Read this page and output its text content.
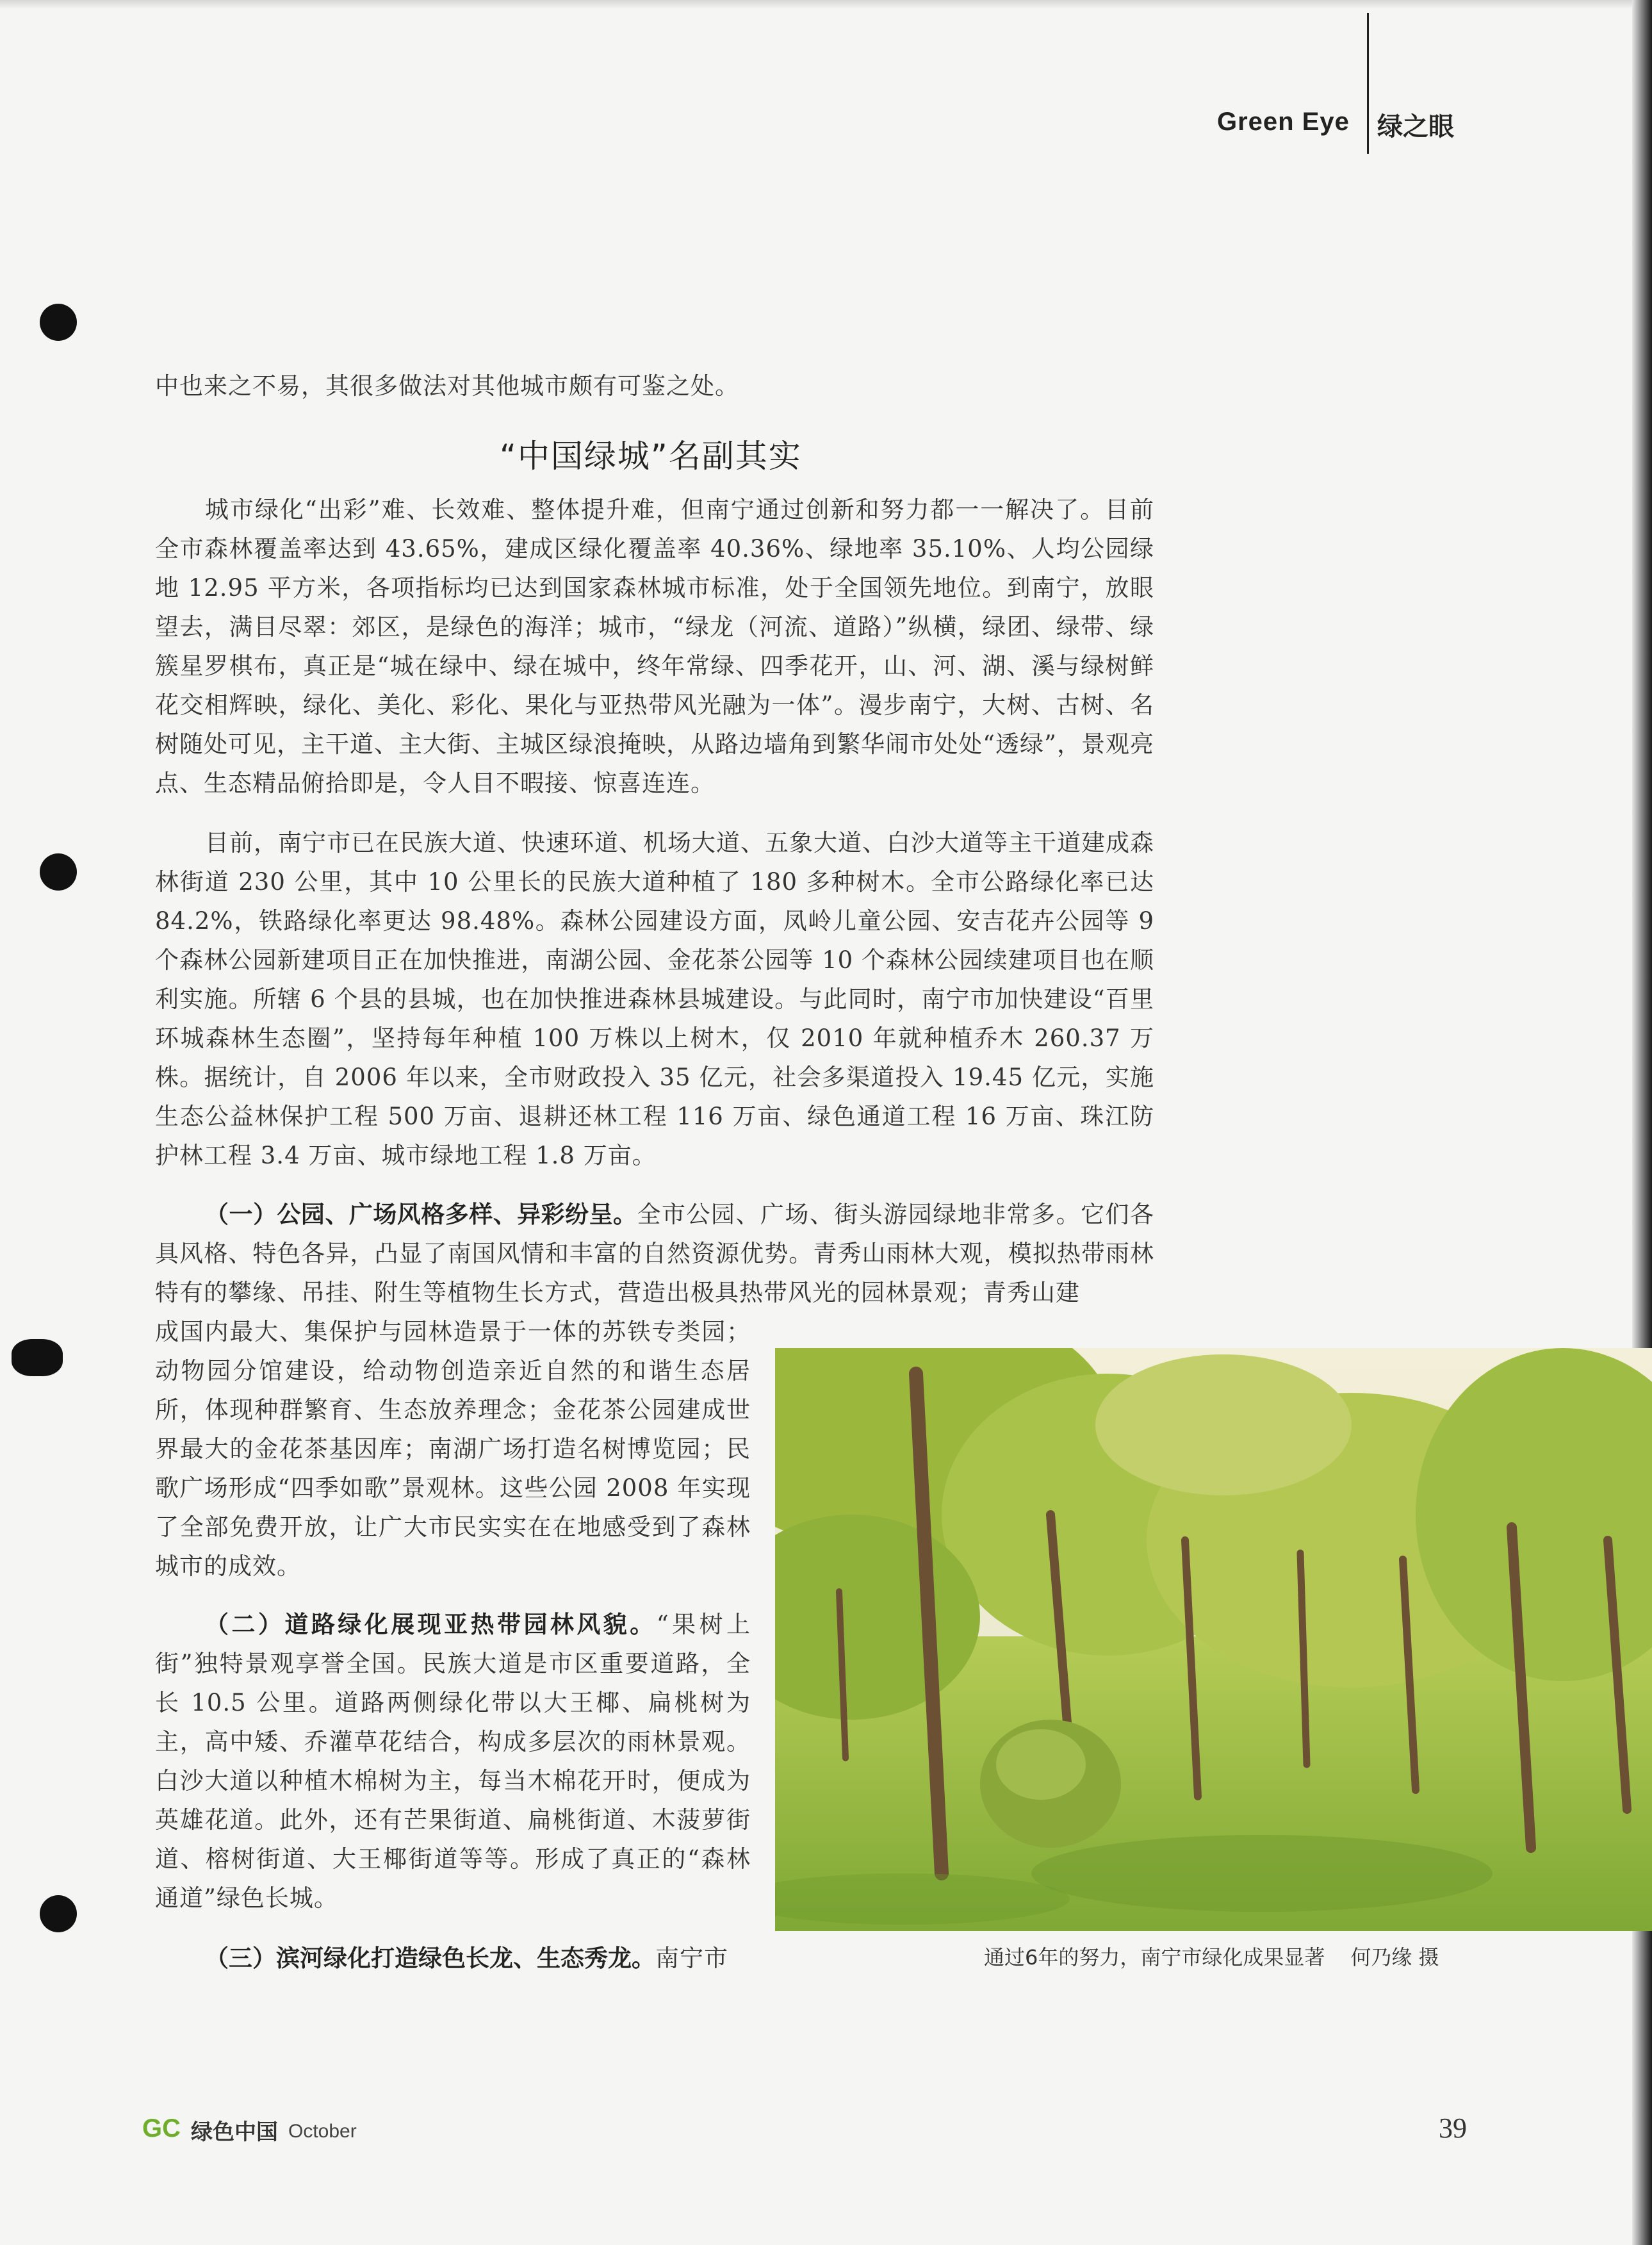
Green Eye 绿之眼

中也来之不易，其很多做法对其他城市颇有可鉴之处。

“中国绿城”名副其实

城市绿化“出彩”难、长效难、整体提升难，但南宁通过创新和努力都一一解决了。目前全市森林覆盖率达到 43.65%，建成区绿化覆盖率 40.36%、绿地率 35.10%、人均公园绿地 12.95 平方米，各项指标均已达到国家森林城市标准，处于全国领先地位。到南宁，放眼望去，满目尽翠：郊区，是绿色的海洋；城市，“绿龙（河流、道路）”纵横，绿团、绿带、绿簇星罗棋布，真正是“城在绿中、绿在城中，终年常绿、四季花开，山、河、湖、溪与绿树鲜花交相辉映，绿化、美化、彩化、果化与亚热带风光融为一体”。漫步南宁，大树、古树、名树随处可见，主干道、主大街、主城区绿浪掩映，从路边墙角到繁华闹市处处“透绿”，景观亮点、生态精品俯拾即是，令人目不暇接、惊喜连连。

目前，南宁市已在民族大道、快速环道、机场大道、五象大道、白沙大道等主干道建成森林街道 230 公里，其中 10 公里长的民族大道种植了 180 多种树木。全市公路绿化率已达 84.2%，铁路绿化率更达 98.48%。森林公园建设方面，凤岭儿童公园、安吉花卉公园等 9 个森林公园新建项目正在加快推进，南湖公园、金花茶公园等 10 个森林公园续建项目也在顺利实施。所辖 6 个县的县城，也在加快推进森林县城建设。与此同时，南宁市加快建设“百里环城森林生态圈”，坚持每年种植 100 万株以上树木，仅 2010 年就种植乔木 260.37 万株。据统计，自 2006 年以来，全市财政投入 35 亿元，社会多渠道投入 19.45 亿元，实施生态公益林保护工程 500 万亩、退耕还林工程 116 万亩、绿色通道工程 16 万亩、珠江防护林工程 3.4 万亩、城市绿地工程 1.8 万亩。

（一）公园、广场风格多样、异彩纷呈。全市公园、广场、街头游园绿地非常多。它们各具风格、特色各异，凸显了南国风情和丰富的自然资源优势。青秀山雨林大观，模拟热带雨林特有的攀缘、吊挂、附生等植物生长方式，营造出极具热带风光的园林景观；青秀山建

成国内最大、集保护与园林造景于一体的苏铁专类园；动物园分馆建设，给动物创造亲近自然的和谐生态居所，体现种群繁育、生态放养理念；金花茶公园建成世界最大的金花茶基因库；南湖广场打造名树博览园；民歌广场形成“四季如歌”景观林。这些公园 2008 年实现了全部免费开放，让广大市民实实在在地感受到了森林城市的成效。

（二）道路绿化展现亚热带园林风貌。“果树上街”独特景观享誉全国。民族大道是市区重要道路，全长 10.5 公里。道路两侧绿化带以大王椰、扁桃树为主，高中矮、乔灌草花结合，构成多层次的雨林景观。白沙大道以种植木棉树为主，每当木棉花开时，便成为英雄花道。此外，还有芒果街道、扁桃街道、木菠萝街道、榕树街道、大王椰街道等等。形成了真正的“森林通道”绿色长城。

（三）滨河绿化打造绿色长龙、生态秀龙。南宁市	通过6年的努力，南宁市绿化成果显著 何乃缘 摄
GC 绿色中国 October	39
